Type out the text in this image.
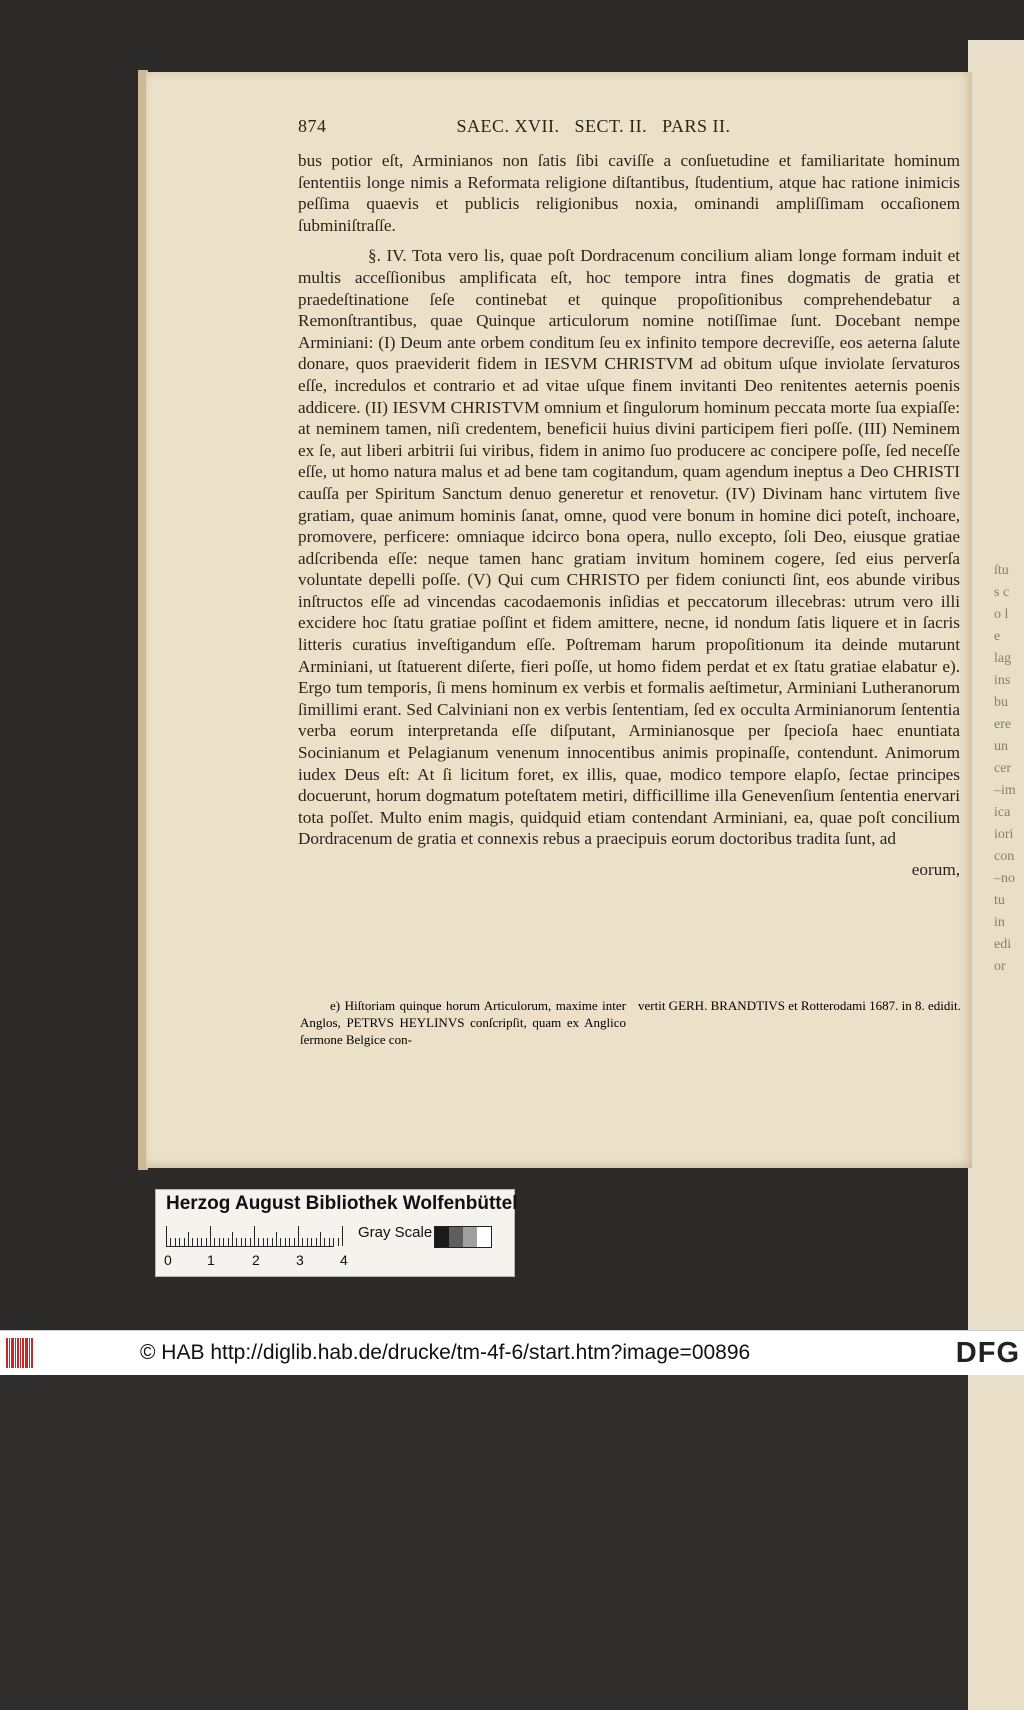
ſtu
s c
o l
e
lag
ins
bu
ere
un
cer
–im
ica
iori
con
–no
tu
in
edi
or
874	SAEC. XVII.   SECT. II.   PARS II.

bus potior eſt, Arminianos non ſatis ſibi caviſſe a conſuetudine et familiaritate hominum ſententiis longe nimis a Reformata religione diſtantibus, ſtudentium, atque hac ratione inimicis peſſima quaevis et publicis religionibus noxia, ominandi ampliſſimam occaſionem ſubminiſtraſſe.

§. IV. Tota vero lis, quae poſt Dordracenum concilium aliam longe formam induit et multis acceſſionibus amplificata eſt, hoc tempore intra fines dogmatis de gratia et praedeſtinatione ſeſe continebat et quinque propoſitionibus comprehendebatur a Remonſtrantibus, quae Quinque articulorum nomine notiſſimae ſunt. Docebant nempe Arminiani: (I) Deum ante orbem conditum ſeu ex infinito tempore decreviſſe, eos aeterna ſalute donare, quos praeviderit fidem in IESVM CHRISTVM ad obitum uſque inviolate ſervaturos eſſe, incredulos et contrario et ad vitae uſque finem invitanti Deo renitentes aeternis poenis addicere. (II) IESVM CHRISTVM omnium et ſingulorum hominum peccata morte ſua expiaſſe: at neminem tamen, niſi credentem, beneficii huius divini participem fieri poſſe. (III) Neminem ex ſe, aut liberi arbitrii ſui viribus, fidem in animo ſuo producere ac concipere poſſe, ſed neceſſe eſſe, ut homo natura malus et ad bene tam cogitandum, quam agendum ineptus a Deo CHRISTI cauſſa per Spiritum Sanctum denuo generetur et renovetur. (IV) Divinam hanc virtutem ſive gratiam, quae animum hominis ſanat, omne, quod vere bonum in homine dici poteſt, inchoare, promovere, perficere: omniaque idcirco bona opera, nullo excepto, ſoli Deo, eiusque gratiae adſcribenda eſſe: neque tamen hanc gratiam invitum hominem cogere, ſed eius perverſa voluntate depelli poſſe. (V) Qui cum CHRISTO per fidem coniuncti ſint, eos abunde viribus inſtructos eſſe ad vincendas cacodaemonis inſidias et peccatorum illecebras: utrum vero illi excidere hoc ſtatu gratiae poſſint et fidem amittere, necne, id nondum ſatis liquere et in ſacris litteris curatius inveſtigandum eſſe. Poſtremam harum propoſitionum ita deinde mutarunt Arminiani, ut ſtatuerent diſerte, fieri poſſe, ut homo fidem perdat et ex ſtatu gratiae elabatur e). Ergo tum temporis, ſi mens hominum ex verbis et formalis aeſtimetur, Arminiani Lutheranorum ſimillimi erant. Sed Calviniani non ex verbis ſententiam, ſed ex occulta Arminianorum ſententia verba eorum interpretanda eſſe diſputant, Arminianosque per ſpecioſa haec enuntiata Socinianum et Pelagianum venenum innocentibus animis propinaſſe, contendunt. Animorum iudex Deus eſt: At ſi licitum foret, ex illis, quae, modico tempore elapſo, ſectae principes docuerunt, horum dogmatum poteſtatem metiri, difficillime illa Genevenſium ſententia enervari tota poſſet. Multo enim magis, quidquid etiam contendant Arminiani, ea, quae poſt concilium Dordracenum de gratia et connexis rebus a praecipuis eorum doctoribus tradita ſunt, ad

eorum,

e) Hiſtoriam quinque horum Articulorum, maxime inter Anglos, PETRVS HEYLINVS conſcripſit, quam ex Anglico ſermone Belgice con-
vertit GERH. BRANDTIVS et Rotterodami 1687. in 8. edidit.
Herzog August Bibliothek Wolfenbüttel
Gray Scale
0	1	2	3	4
© HAB http://diglib.hab.de/drucke/tm-4f-6/start.htm?image=00896	DFG
